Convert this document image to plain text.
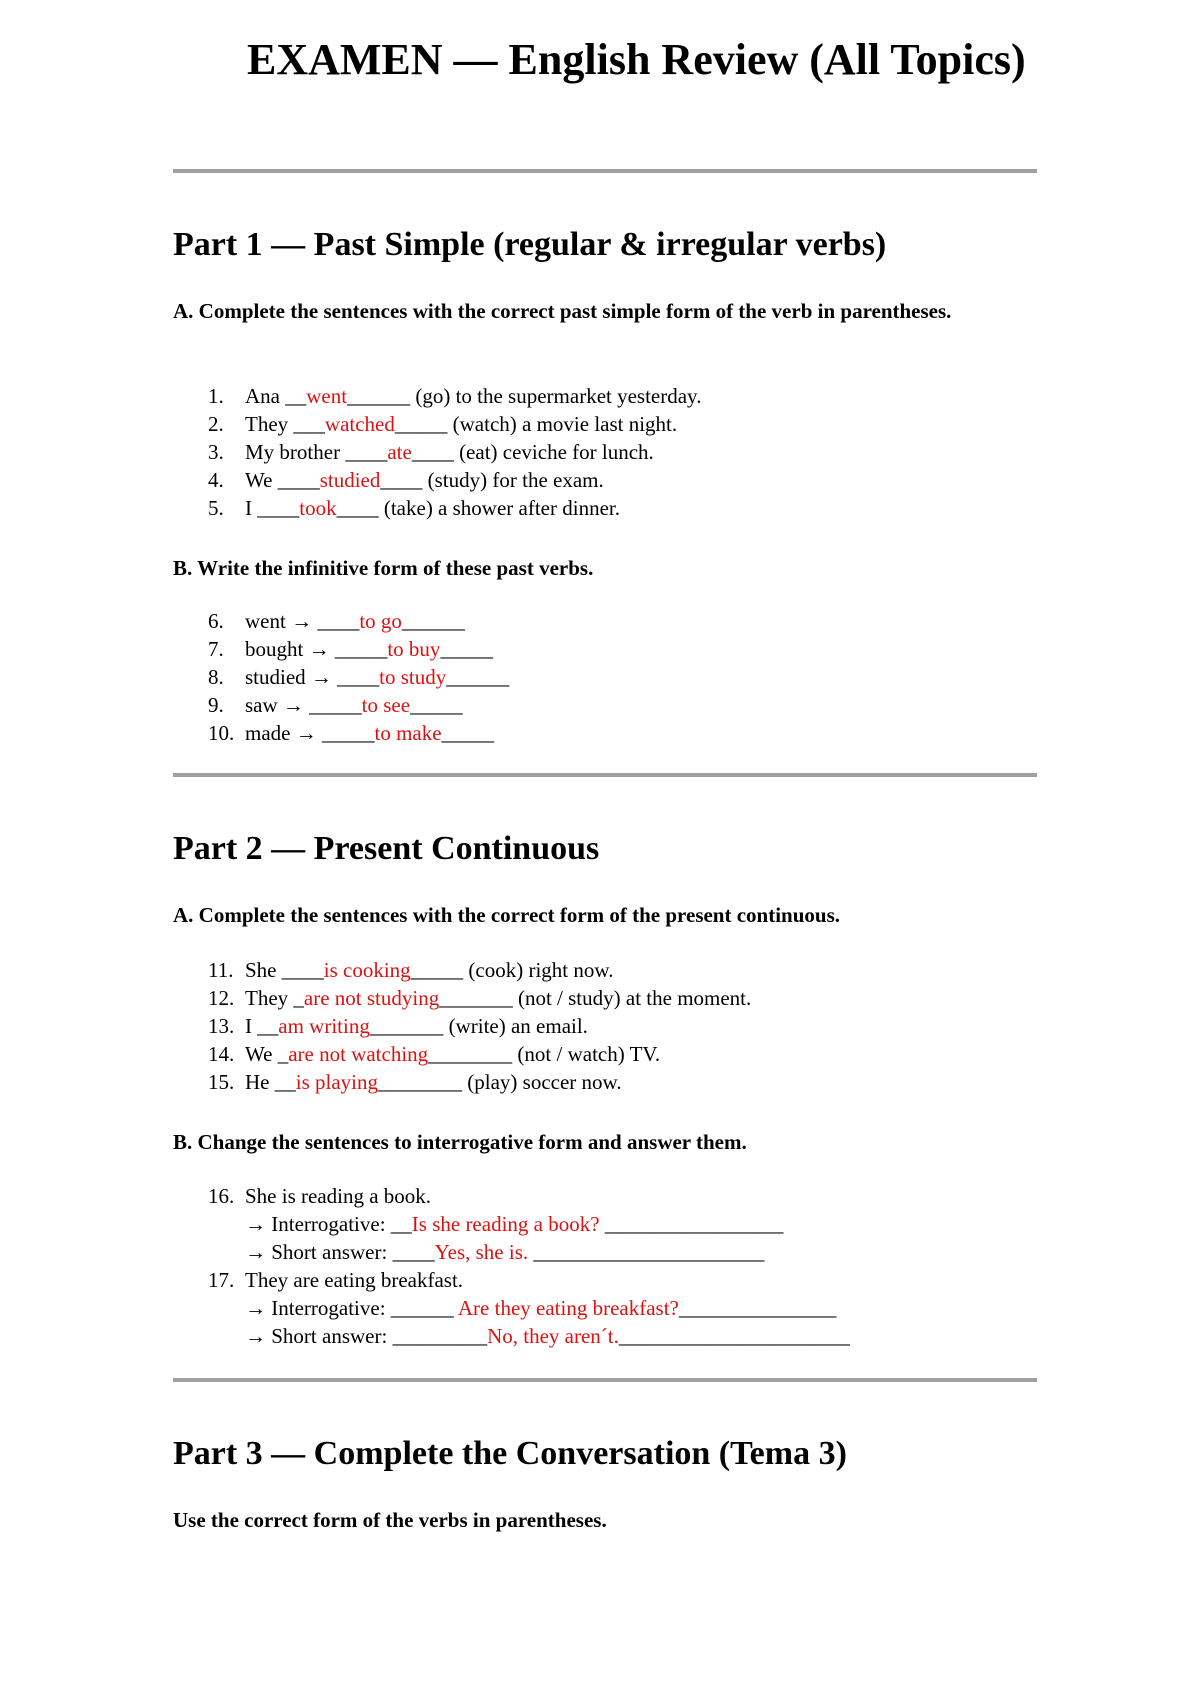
EXAMEN — English Review (All Topics)
Part 1 — Past Simple (regular & irregular verbs)

A. Complete the sentences with the correct past simple form of the verb in parentheses.

1. Ana __went______ (go) to the supermarket yesterday.
2. They ___watched_____ (watch) a movie last night.
3. My brother ____ate____ (eat) ceviche for lunch.
4. We ____studied____ (study) for the exam.
5. I ____took____ (take) a shower after dinner.

B. Write the infinitive form of these past verbs.

6. went → ____to go______
7. bought → _____to buy_____
8. studied → ____to study______
9. saw → _____to see_____
10. made → _____to make_____
Part 2 — Present Continuous

A. Complete the sentences with the correct form of the present continuous.

11. She ____is cooking_____ (cook) right now.
12. They _are not studying_______ (not / study) at the moment.
13. I __am writing_______ (write) an email.
14. We _are not watching________ (not / watch) TV.
15. He __is playing________ (play) soccer now.

B. Change the sentences to interrogative form and answer them.

16. She is reading a book.
→ Interrogative: __Is she reading a book? _________________
→ Short answer: ____Yes, she is. ______________________
17. They are eating breakfast.
→ Interrogative: ______ Are they eating breakfast?_______________
→ Short answer: _________No, they aren´t.______________________
Part 3 — Complete the Conversation (Tema 3)

Use the correct form of the verbs in parentheses.
